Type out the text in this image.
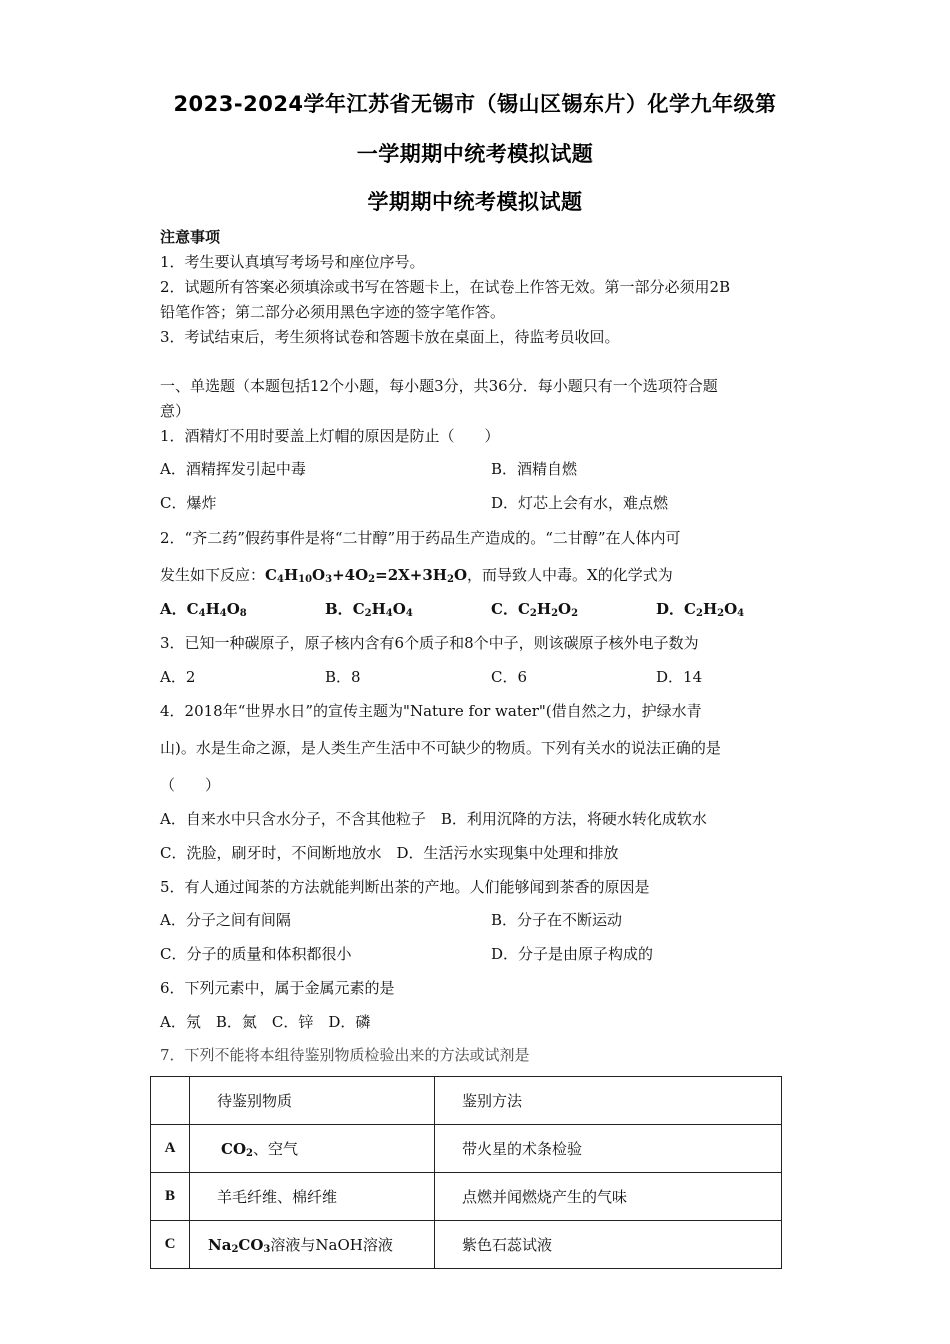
2023-2024学年江苏省无锡市（锡山区锡东片）化学九年级第
一学期期中统考模拟试题
学期期中统考模拟试题
注意事项
1．考生要认真填写考场号和座位序号。
2．试题所有答案必须填涂或书写在答题卡上，在试卷上作答无效。第一部分必须用2B
铅笔作答；第二部分必须用黑色字迹的签字笔作答。
3．考试结束后，考生须将试卷和答题卡放在桌面上，待监考员收回。
一、单选题（本题包括12个小题，每小题3分，共36分．每小题只有一个选项符合题
意）
1．酒精灯不用时要盖上灯帽的原因是防止（　　）
A．酒精挥发引起中毒	B．酒精自燃
C．爆炸	D．灯芯上会有水，难点燃
2．“齐二药”假药事件是将“二甘醇”用于药品生产造成的。“二甘醇”在人体内可
发生如下反应：$C_4H_{10}O_3+4O_2=2X+3H_2O$，而导致人中毒。X的化学式为
A．$C_4H_4O_8$	B．$C_2H_4O_4$	C．$C_2H_2O_2$	D．$C_2H_2O_4$
3．已知一种碳原子，原子核内含有6个质子和8个中子，则该碳原子核外电子数为
A．2	B．8	C．6	D．14
4．2018年“世界水日”的宣传主题为"Nature for water"(借自然之力，护绿水青
山)。水是生命之源，是人类生产生活中不可缺少的物质。下列有关水的说法正确的是
（　　）
A．自来水中只含水分子，不含其他粒子　B．利用沉降的方法，将硬水转化成软水
C．洗脸，刷牙时，不间断地放水　D．生活污水实现集中处理和排放
5．有人通过闻茶的方法就能判断出茶的产地。人们能够闻到茶香的原因是
A．分子之间有间隔	B．分子在不断运动
C．分子的质量和体积都很小	D．分子是由原子构成的
6．下列元素中，属于金属元素的是
A．氖　B．氮　C．锌　D．磷
7．下列不能将本组待鉴别物质检验出来的方法或试剂是

	待鉴别物质	鉴别方法

A	$CO_2$、空气	带火星的术条检验

B	羊毛纤维、棉纤维	点燃并闻燃烧产生的气味

C	$Na_2CO_3$溶液与NaOH溶液	紫色石蕊试液
